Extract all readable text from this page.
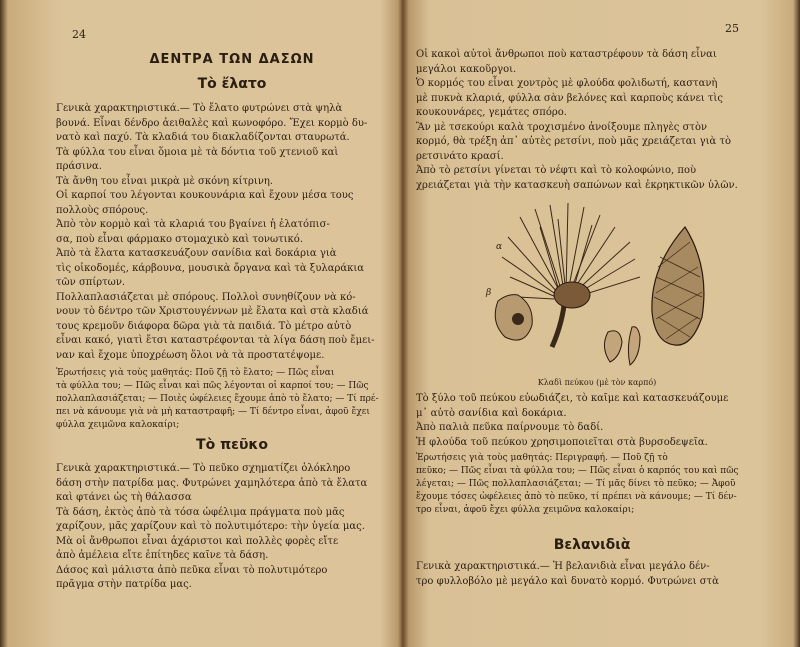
24
ΔΕΝΤΡΑ ΤΩΝ ΔΑΣΩΝ
Τὸ ἔλατο
Γενικὰ χαρακτηριστικά.— Τὸ ἔλατο φυτρώνει στὰ ψηλὰ
βουνά. Εἶναι δένδρο ἀειθαλὲς καὶ κωνοφόρο. Ἔχει κορμὸ δυ-
νατὸ καὶ παχύ. Τὰ κλαδιά του διακλαδίζονται σταυρωτά.
Τὰ φύλλα του εἶναι ὅμοια μὲ τὰ δόντια τοῦ χτενιοῦ καὶ
πράσινα.
Τὰ ἄνθη του εἶναι μικρὰ μὲ σκόνη κίτρινη.
Οἱ καρποί του λέγονται κουκουνάρια καὶ ἔχουν μέσα τους
πολλοὺς σπόρους.
Ἀπὸ τὸν κορμὸ καὶ τὰ κλαριά του βγαίνει ἡ ἐλατόπισ-
σα, ποὺ εἶναι φάρμακο στομαχικὸ καὶ τονωτικό.
Ἀπὸ τὰ ἔλατα κατασκευάζουν σανίδια καὶ δοκάρια γιὰ
τὶς οἰκοδομές, κάρβουνα, μουσικὰ ὄργανα καὶ τὰ ξυλαράκια
τῶν σπίρτων.
Πολλαπλασιάζεται μὲ σπόρους. Πολλοὶ συνηθίζουν νὰ κό-
νουν τὸ δέντρο τῶν Χριστουγέννων μὲ ἔλατα καὶ στὰ κλαδιά
τους κρεμοῦν διάφορα δῶρα γιὰ τὰ παιδιά. Τὸ μέτρο αὐτὸ
εἶναι κακό, γιατὶ ἔτσι καταστρέφονται τὰ λίγα δάση ποὺ ἔμει-
ναν καὶ ἔχομε ὑποχρέωση ὅλοι νὰ τὰ προστατέψομε.
Ἐρωτήσεις γιὰ τοὺς μαθητάς: Ποῦ ζῇ τὸ ἔλατο; — Πῶς εἶναι
τὰ φύλλα του; — Πῶς εἶναι καὶ πῶς λέγονται οἱ καρποί του; — Πῶς
πολλαπλασιάζεται; — Ποιὲς ὠφέλειες ἔχουμε ἀπὸ τὸ ἔλατο; — Τί πρέ-
πει νὰ κάνουμε γιὰ νὰ μὴ καταστραφῆ; — Τί δέντρο εἶναι, ἀφοῦ ἔχει
φύλλα χειμῶνα καλοκαίρι;
Τὸ πεῦκο
Γενικὰ χαρακτηριστικά.— Τὸ πεῦκο σχηματίζει ὁλόκληρο
δάση στὴν πατρίδα μας. Φυτρώνει χαμηλότερα ἀπὸ τὰ ἔλατα
καὶ φτάνει ὡς τὴ θάλασσα
Τὰ δάση, ἐκτὸς ἀπὸ τὰ τόσα ὠφέλιμα πράγματα ποὺ μᾶς
χαρίζουν, μᾶς χαρίζουν καὶ τὸ πολυτιμότερο: τὴν ὑγεία μας.
Μὰ οἱ ἄνθρωποι εἶναι ἀχάριστοι καὶ πολλὲς φορὲς εἴτε
ἀπὸ ἀμέλεια εἴτε ἐπίτηδες καῖνε τὰ δάση.
Δάσος καὶ μάλιστα ἀπὸ πεῦκα εἶναι τὸ πολυτιμότερο
πρᾶγμα στὴν πατρίδα μας.
25
Οἱ κακοὶ αὐτοὶ ἄνθρωποι ποὺ καταστρέφουν τὰ δάση εἶναι
μεγάλοι κακοῦργοι.
Ὁ κορμός του εἶναι χοντρὸς μὲ φλούδα φολιδωτή, καστανὴ
μὲ πυκνὰ κλαριά, φύλλα σὰν βελόνες καὶ καρποὺς κάνει τὶς
κουκουνάρες, γεμάτες σπόρο.
Ἂν μὲ τσεκούρι καλὰ τροχισμένο ἀνοίξουμε πληγὲς στὸν
κορμό, θὰ τρέξη ἀπ᾽ αὐτὲς ρετσίνι, ποὺ μᾶς χρειάζεται γιὰ τὸ
ρετσινάτο κρασί.
Ἀπὸ τὸ ρετσίνι γίνεται τὸ νέφτι καὶ τὸ κολοφώνιο, ποὺ
χρειάζεται γιὰ τὴν κατασκευὴ σαπώνων καὶ ἐκρηκτικῶν ὑλῶν.
α
β
Κλαδὶ πεύκου (μὲ τὸν καρπό)
Τὸ ξύλο τοῦ πεύκου εὐωδιάζει, τὸ καῖμε καὶ κατασκευάζουμε
μ᾽ αὐτὸ σανίδια καὶ δοκάρια.
Ἀπὸ παλιὰ πεῦκα παίρνουμε τὸ δαδί.
Ἡ φλούδα τοῦ πεύκου χρησιμοποιεῖται στὰ βυρσοδεψεῖα.
Ἐρωτήσεις γιὰ τοὺς μαθητάς: Περιγραφή. — Ποῦ ζῇ τὸ
πεῦκο; — Πῶς εἶναι τὰ φύλλα του; — Πῶς εἶναι ὁ καρπός του καὶ πῶς
λέγεται; — Πῶς πολλαπλασιάζεται; — Τί μᾶς δίνει τὸ πεῦκο; — Ἀφοῦ
ἔχουμε τόσες ὠφέλειες ἀπὸ τὸ πεῦκο, τί πρέπει νὰ κάνουμε; — Τί δέν-
τρο εἶναι, ἀφοῦ ἔχει φύλλα χειμῶνα καλοκαίρι;
Βελανιδιὰ
Γενικὰ χαρακτηριστικά.— Ἡ βελανιδιὰ εἶναι μεγάλο δέν-
τρο φυλλοβόλο μὲ μεγάλο καὶ δυνατὸ κορμό. Φυτρώνει στὰ
